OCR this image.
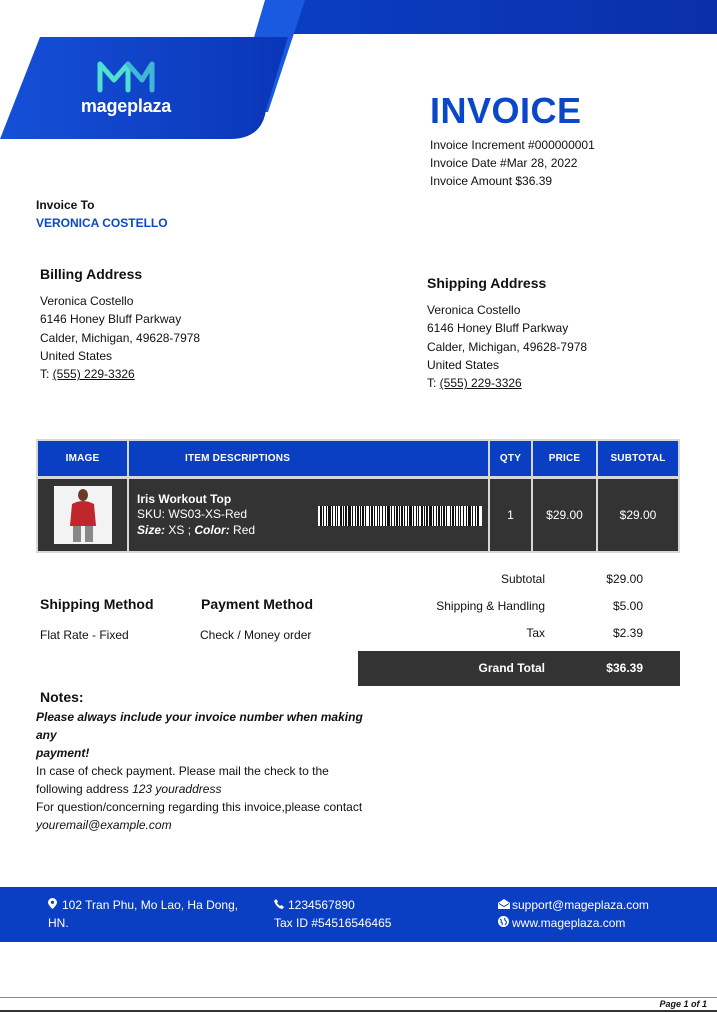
mageplaza	INVOICE
Invoice Increment #000000001
Invoice Date #Mar 28, 2022
Invoice Amount $36.39
Invoice To
VERONICA COSTELLO
Billing Address
Veronica Costello
6146 Honey Bluff Parkway
Calder, Michigan, 49628-7978
United States
T: (555) 229-3326
Shipping Address
Veronica Costello
6146 Honey Bluff Parkway
Calder, Michigan, 49628-7978
United States
T: (555) 229-3326
IMAGE	ITEM DESCRIPTIONS	QTY	PRICE	SUBTOTAL
Iris Workout Top
SKU: WS03-XS-Red
Size: XS ; Color: Red
1	$29.00	$29.00
Shipping Method
Flat Rate - Fixed
Payment Method
Check / Money order
Subtotal	$29.00
Shipping & Handling	$5.00
Tax	$2.39
Grand Total	$36.39
Notes:
Please always include your invoice number when making any
payment!
In case of check payment. Please mail the check to the
following address 123 youraddress
For question/concerning regarding this invoice,please contact
youremail@example.com
102 Tran Phu, Mo Lao, Ha Dong,
HN.
1234567890
Tax ID #54516546465
support@mageplaza.com
www.mageplaza.com
Page 1 of 1
